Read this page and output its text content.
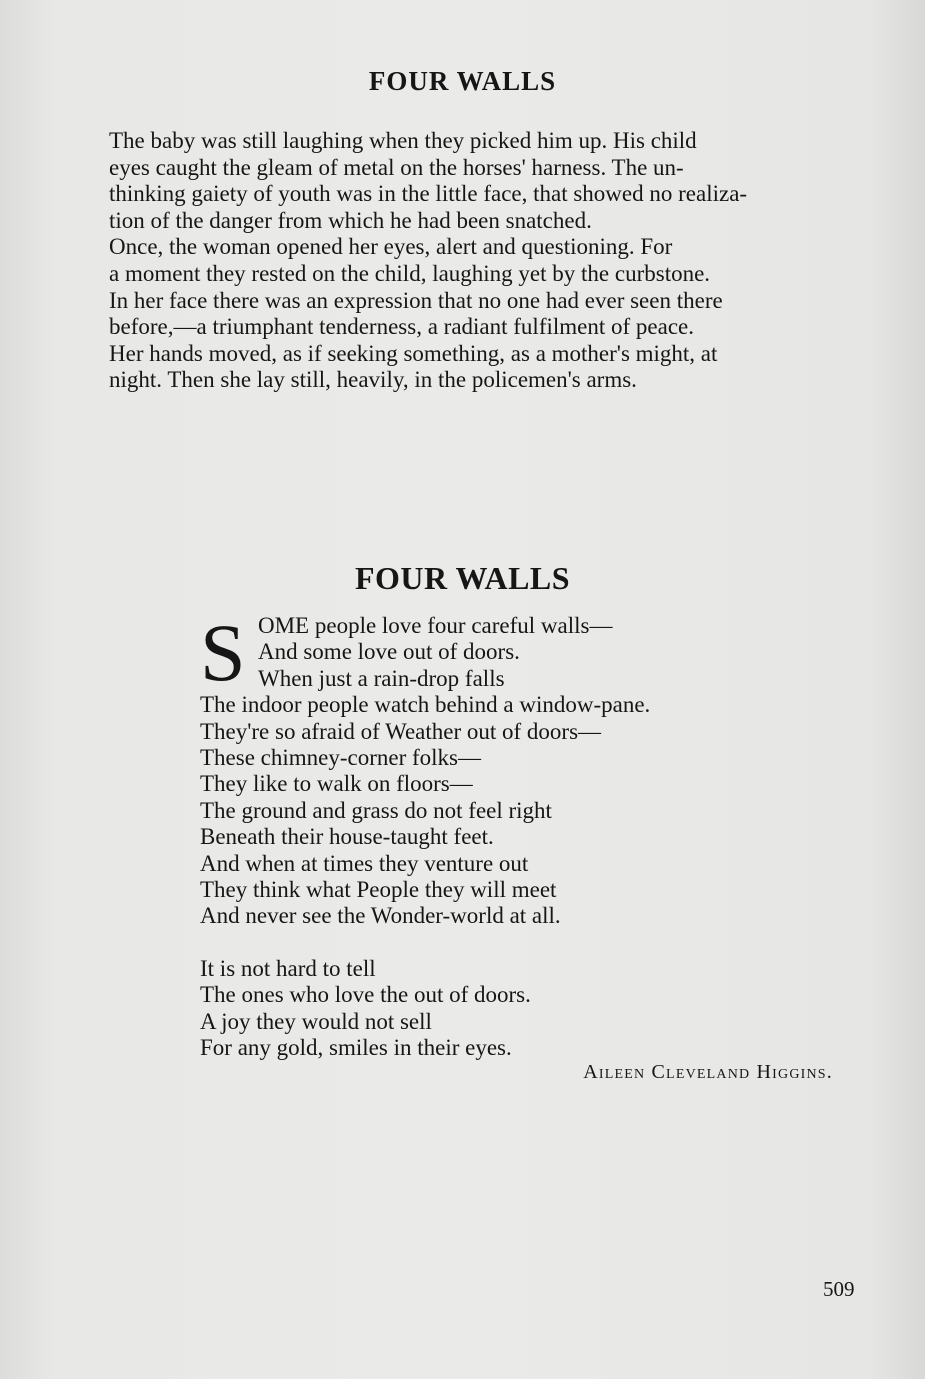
FOUR WALLS

The baby was still laughing when they picked him up. His child
eyes caught the gleam of metal on the horses' harness. The un-
thinking gaiety of youth was in the little face, that showed no realiza-
tion of the danger from which he had been snatched.

Once, the woman opened her eyes, alert and questioning. For
a moment they rested on the child, laughing yet by the curbstone.
In her face there was an expression that no one had ever seen there
before,—a triumphant tenderness, a radiant fulfilment of peace.
Her hands moved, as if seeking something, as a mother's might, at
night. Then she lay still, heavily, in the policemen's arms.

FOUR WALLS
S OME people love four careful walls—
And some love out of doors.
When just a rain-drop falls
The indoor people watch behind a window-pane.
They're so afraid of Weather out of doors—
These chimney-corner folks—
They like to walk on floors—
The ground and grass do not feel right
Beneath their house-taught feet.
And when at times they venture out
They think what People they will meet
And never see the Wonder-world at all.
It is not hard to tell
The ones who love the out of doors.
A joy they would not sell
For any gold, smiles in their eyes.
Aileen Cleveland Higgins.
509
